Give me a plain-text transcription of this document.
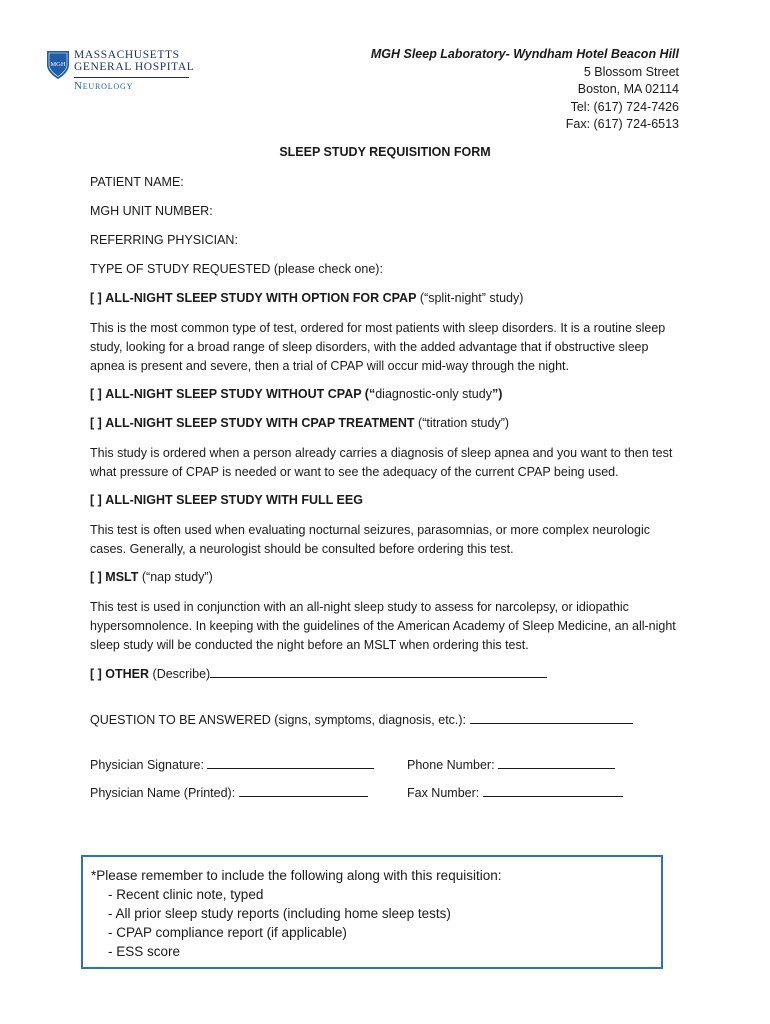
MGH
MASSACHUSETTS
GENERAL HOSPITAL
Neurology
MGH Sleep Laboratory- Wyndham Hotel Beacon Hill
5 Blossom Street
Boston, MA 02114
Tel: (617) 724-7426
Fax: (617) 724-6513
SLEEP STUDY REQUISITION FORM
PATIENT NAME:
MGH UNIT NUMBER:
REFERRING PHYSICIAN:
TYPE OF STUDY REQUESTED (please check one):
[ ] ALL-NIGHT SLEEP STUDY WITH OPTION FOR CPAP (“split-night” study)
This is the most common type of test, ordered for most patients with sleep disorders. It is a routine sleep study, looking for a broad range of sleep disorders, with the added advantage that if obstructive sleep apnea is present and severe, then a trial of CPAP will occur mid-way through the night.
[ ] ALL-NIGHT SLEEP STUDY WITHOUT CPAP (“diagnostic-only study”)
[ ] ALL-NIGHT SLEEP STUDY WITH CPAP TREATMENT (“titration study”)
This study is ordered when a person already carries a diagnosis of sleep apnea and you want to then test what pressure of CPAP is needed or want to see the adequacy of the current CPAP being used.
[ ] ALL-NIGHT SLEEP STUDY WITH FULL EEG
This test is often used when evaluating nocturnal seizures, parasomnias, or more complex neurologic cases. Generally, a neurologist should be consulted before ordering this test.
[ ] MSLT (“nap study”)
This test is used in conjunction with an all-night sleep study to assess for narcolepsy, or idiopathic hypersomnolence. In keeping with the guidelines of the American Academy of Sleep Medicine, an all-night sleep study will be conducted the night before an MSLT when ordering this test.
[ ] OTHER (Describe)
QUESTION TO BE ANSWERED (signs, symptoms, diagnosis, etc.):
Physician Signature:	Phone Number:
Physician Name (Printed):	Fax Number:
*Please remember to include the following along with this requisition:
- Recent clinic note, typed
- All prior sleep study reports (including home sleep tests)
- CPAP compliance report (if applicable)
- ESS score
